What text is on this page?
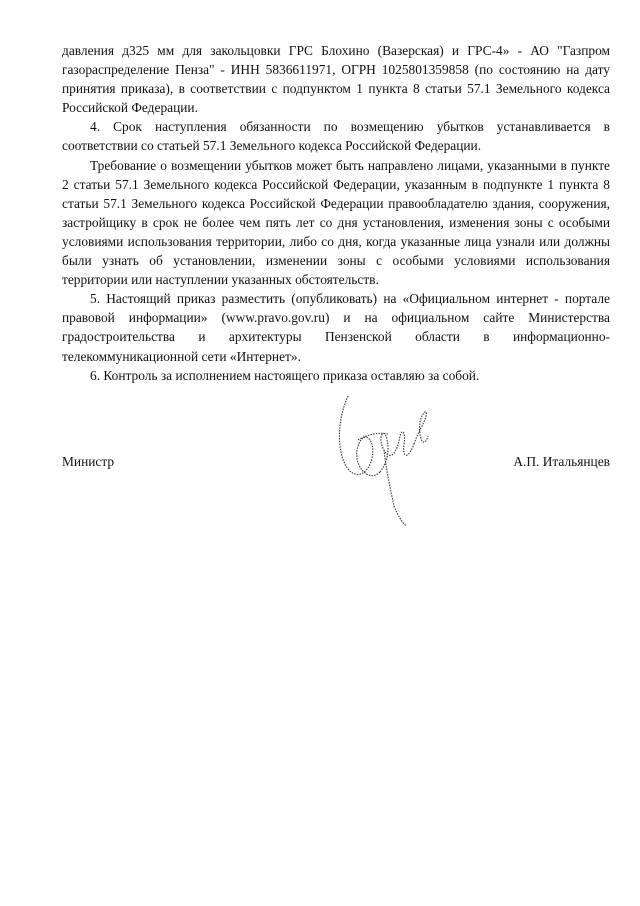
давления д325 мм для закольцовки ГРС Блохино (Вазерская) и ГРС-4» - АО "Газпром газораспределение Пенза" - ИНН 5836611971, ОГРН 1025801359858 (по состоянию на дату принятия приказа), в соответствии с подпунктом 1 пункта 8 статьи 57.1 Земельного кодекса Российской Федерации.

4. Срок наступления обязанности по возмещению убытков устанавливается в соответствии со статьей 57.1 Земельного кодекса Российской Федерации.

Требование о возмещении убытков может быть направлено лицами, указанными в пункте 2 статьи 57.1 Земельного кодекса Российской Федерации, указанным в подпункте 1 пункта 8 статьи 57.1 Земельного кодекса Российской Федерации правообладателю здания, сооружения, застройщику в срок не более чем пять лет со дня установления, изменения зоны с особыми условиями использования территории, либо со дня, когда указанные лица узнали или должны были узнать об установлении, изменении зоны с особыми условиями использования территории или наступлении указанных обстоятельств.

5. Настоящий приказ разместить (опубликовать) на «Официальном интернет - портале правовой информации» (www.pravo.gov.ru) и на официальном сайте Министерства градостроительства и архитектуры Пензенской области в информационно-телекоммуникационной сети «Интернет».

6. Контроль за исполнением настоящего приказа оставляю за собой.

Министр	А.П. Итальянцев
